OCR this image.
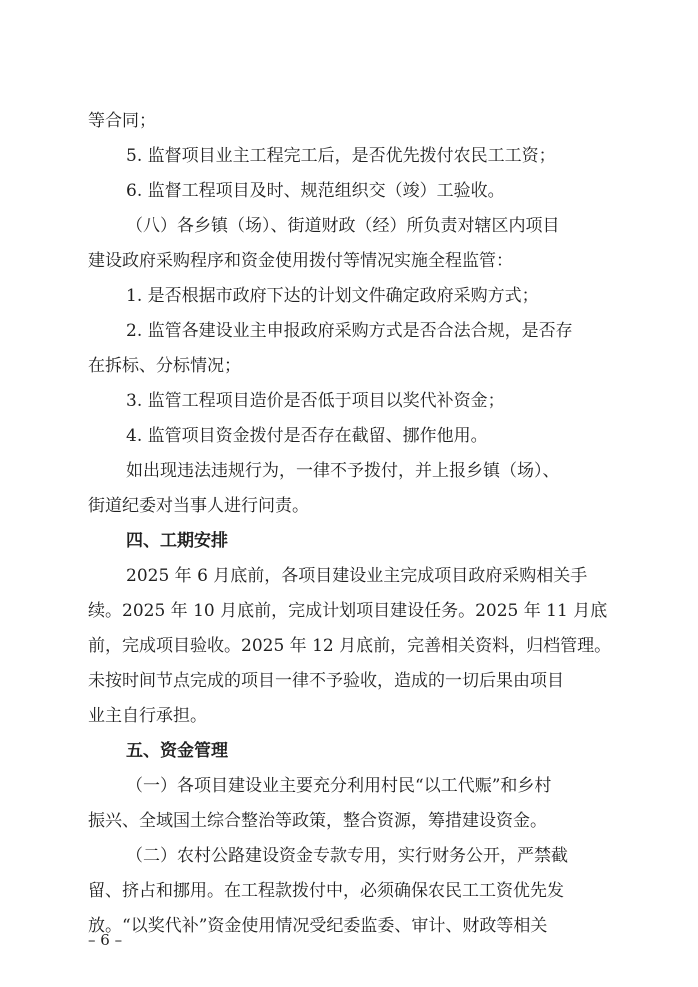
等合同；
5. 监督项目业主工程完工后，是否优先拨付农民工工资；
6. 监督工程项目及时、规范组织交（竣）工验收。
（八）各乡镇（场）、街道财政（经）所负责对辖区内项目
建设政府采购程序和资金使用拨付等情况实施全程监管：
1. 是否根据市政府下达的计划文件确定政府采购方式；
2. 监管各建设业主申报政府采购方式是否合法合规，是否存
在拆标、分标情况；
3. 监管工程项目造价是否低于项目以奖代补资金；
4. 监管项目资金拨付是否存在截留、挪作他用。
如出现违法违规行为，一律不予拨付，并上报乡镇（场）、
街道纪委对当事人进行问责。
四、工期安排
2025 年 6 月底前，各项目建设业主完成项目政府采购相关手
续。2025 年 10 月底前，完成计划项目建设任务。2025 年 11 月底
前，完成项目验收。2025 年 12 月底前，完善相关资料，归档管理。
未按时间节点完成的项目一律不予验收，造成的一切后果由项目
业主自行承担。
五、资金管理
（一）各项目建设业主要充分利用村民“以工代赈”和乡村
振兴、全域国土综合整治等政策，整合资源，筹措建设资金。
（二）农村公路建设资金专款专用，实行财务公开，严禁截
留、挤占和挪用。在工程款拨付中，必须确保农民工工资优先发
放。“以奖代补”资金使用情况受纪委监委、审计、财政等相关
– 6 –
